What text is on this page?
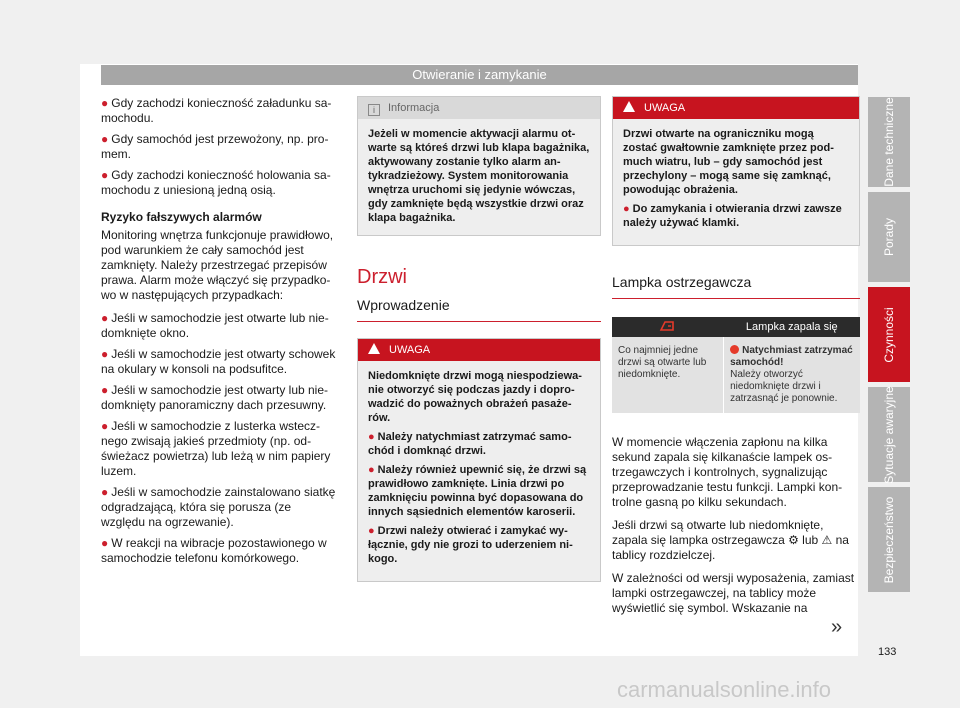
Otwieranie i zamykanie

● Gdy zachodzi konieczność załadunku samochodu.

● Gdy samochód jest przewożony, np. promem.

● Gdy zachodzi konieczność holowania samochodu z uniesioną jedną osią.

Ryzyko fałszywych alarmów

Monitoring wnętrza funkcjonuje prawidłowo, pod warunkiem że cały samochód jest zamknięty. Należy przestrzegać przepisów prawa. Alarm może włączyć się przypadkowo w następujących przypadkach:

● Jeśli w samochodzie jest otwarte lub niedomknięte okno.

● Jeśli w samochodzie jest otwarty schowek na okulary w konsoli na podsufitce.

● Jeśli w samochodzie jest otwarty lub niedomknięty panoramiczny dach przesuwny.

● Jeśli w samochodzie z lusterka wstecznego zwisają jakieś przedmioty (np. odświeżacz powietrza) lub leżą w nim papiery luzem.

● Jeśli w samochodzie zainstalowano siatkę odgradzającą, która się porusza (ze względu na ogrzewanie).

● W reakcji na wibracje pozostawionego w samochodzie telefonu komórkowego.

i Informacja
Jeżeli w momencie aktywacji alarmu otwarte są któreś drzwi lub klapa bagażnika, aktywowany zostanie tylko alarm antykradzieżowy. System monitorowania wnętrza uruchomi się jedynie wówczas, gdy zamknięte będą wszystkie drzwi oraz klapa bagażnika.
Drzwi
Wprowadzenie
UWAGA

Niedomknięte drzwi mogą niespodziewanie otworzyć się podczas jazdy i doprowadzić do poważnych obrażeń pasażerów.

● Należy natychmiast zatrzymać samochód i domknąć drzwi.

● Należy również upewnić się, że drzwi są prawidłowo zamknięte. Linia drzwi po zamknięciu powinna być dopasowana do innych sąsiednich elementów karoserii.

● Drzwi należy otwierać i zamykać wyłącznie, gdy nie grozi to uderzeniem nikogo.

UWAGA

Drzwi otwarte na ograniczniku mogą zostać gwałtownie zamknięte przez podmuch wiatru, lub – gdy samochód jest przechylony – mogą same się zamknąć, powodując obrażenia.

● Do zamykania i otwierania drzwi zawsze należy używać klamki.

Lampka ostrzegawcza
	Lampka zapala się
Co najmniej jedne drzwi są otwarte lub niedomknięte.	Natychmiast zatrzymać samochód!
Należy otworzyć niedomknięte drzwi i zatrzasnąć je ponownie.

W momencie włączenia zapłonu na kilka sekund zapala się kilkanaście lampek ostrzegawczych i kontrolnych, sygnalizując przeprowadzanie testu funkcji. Lampki kontrolne gasną po kilku sekundach.

Jeśli drzwi są otwarte lub niedomknięte, zapala się lampka ostrzegawcza ⚙ lub ⚠ na tablicy rozdzielczej.

W zależności od wersji wyposażenia, zamiast lampki ostrzegawczej, na tablicy może wyświetlić się symbol. Wskazanie na

»
Dane techniczne
Porady
Czynności
Sytuacje awaryjne
Bezpieczeństwo
133
carmanualsonline.info
